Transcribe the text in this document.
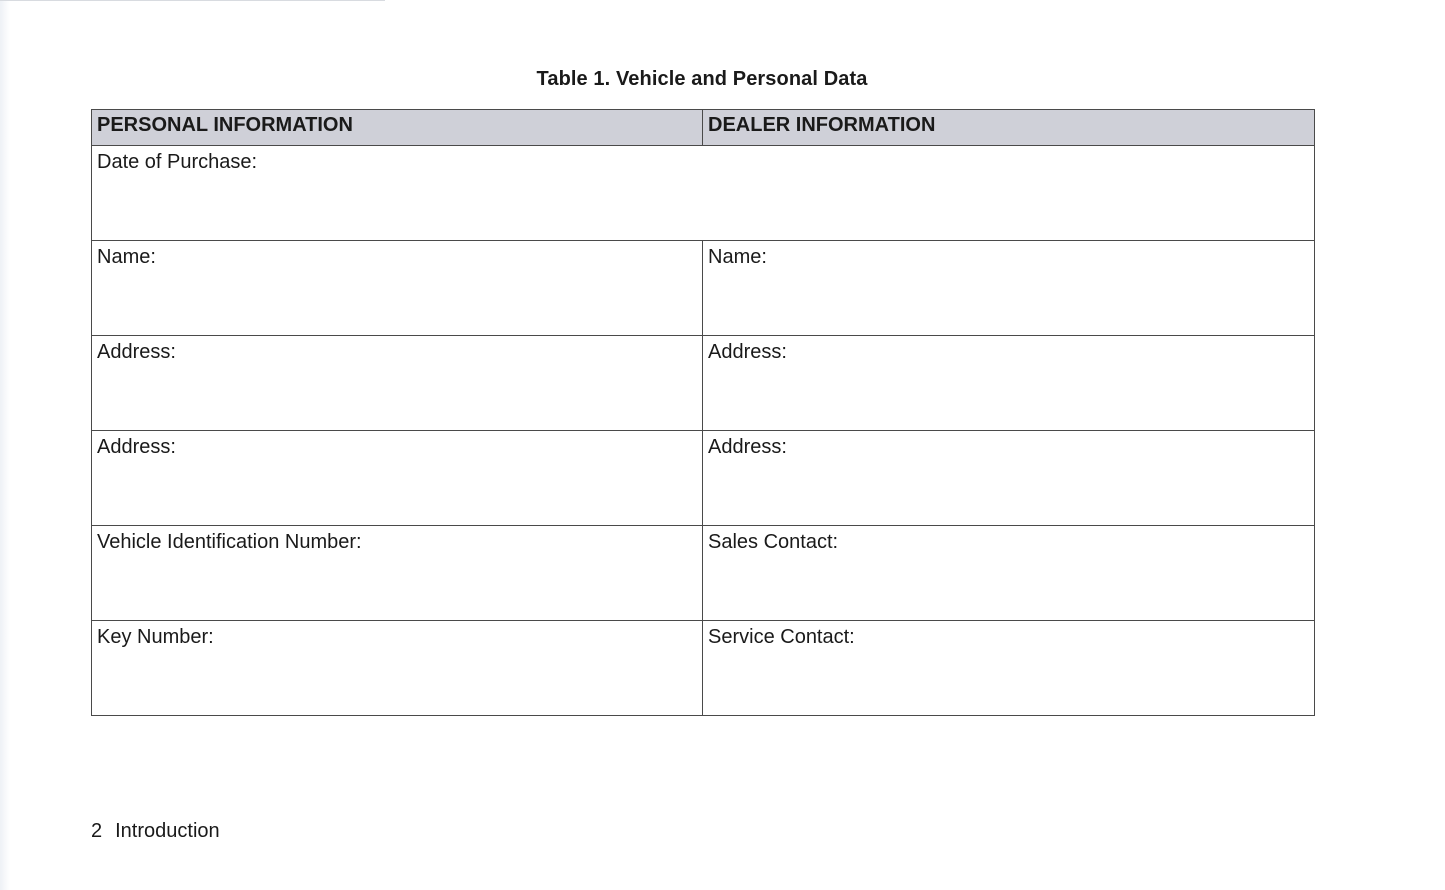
Table 1. Vehicle and Personal Data
PERSONAL INFORMATION	DEALER INFORMATION
Date of Purchase:	
Name:	Name:
Address:	Address:
Address:	Address:
Vehicle Identification Number:	Sales Contact:
Key Number:	Service Contact:

2 Introduction
